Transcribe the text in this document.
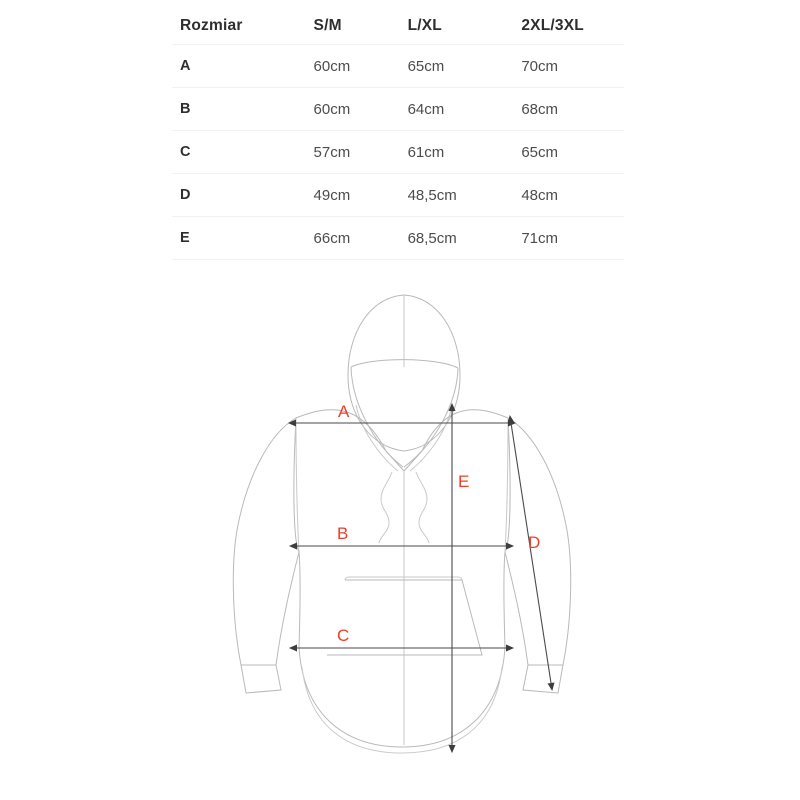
Rozmiar	S/M	L/XL	2XL/3XL
A	60cm	65cm	70cm
B	60cm	64cm	68cm
C	57cm	61cm	65cm
D	49cm	48,5cm	48cm
E	66cm	68,5cm	71cm
A
B
C
D
E
